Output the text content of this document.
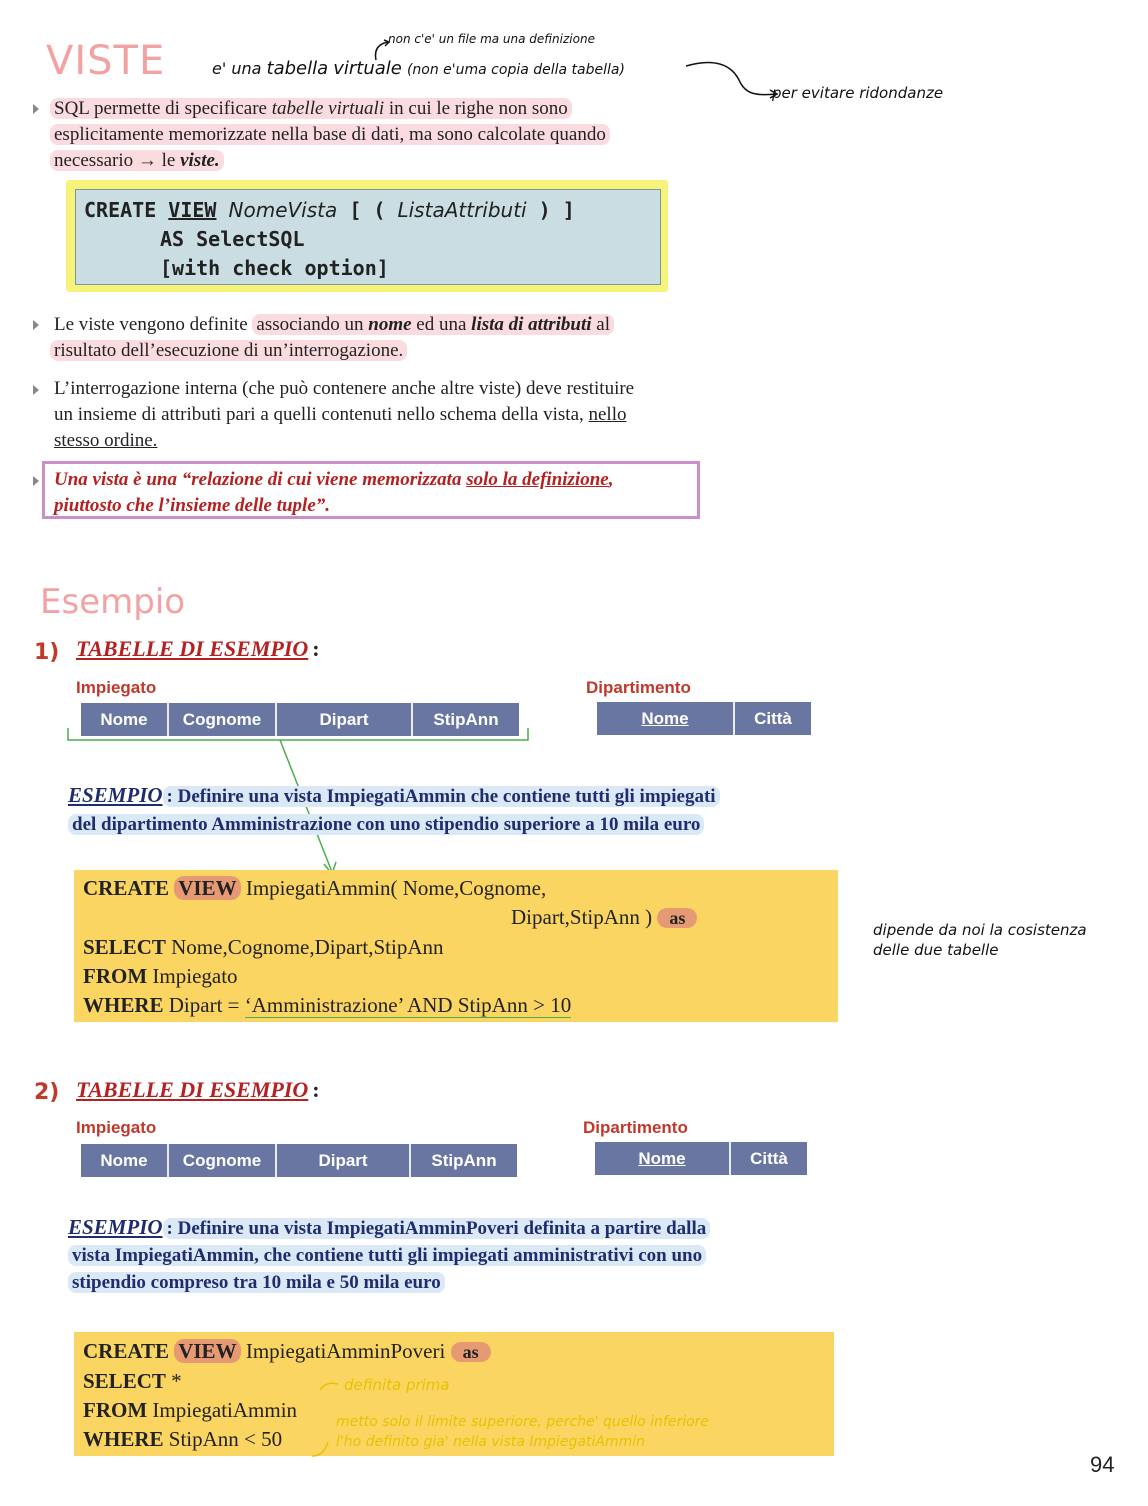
VISTE	non c'e' un file ma una definizione
e' una tabella virtuale (non e'uma copia della tabella)
per evitare ridondanze
SQL permette di specificare tabelle virtuali in cui le righe non sono
esplicitamente memorizzate nella base di dati, ma sono calcolate quando
necessario → le viste.
CREATE VIEW NomeVista [ ( ListaAttributi ) ]
AS SelectSQL
[with check option]
Le viste vengono definite associando un nome ed una lista di attributi al
risultato dell’esecuzione di un’interrogazione.
L’interrogazione interna (che può contenere anche altre viste) deve restituire
un insieme di attributi pari a quelli contenuti nello schema della vista, nello
stesso ordine.
Una vista è una “relazione di cui viene memorizzata solo la definizione,
piuttosto che l’insieme delle tuple”.
Esempio
1) TABELLE DI ESEMPIO :
Impiegato
Nome	Cognome	Dipart	StipAnn
Dipartimento
Nome	Città
ESEMPIO : Definire una vista ImpiegatiAmmin che contiene tutti gli impiegati
del dipartimento Amministrazione con uno stipendio superiore a 10 mila euro
CREATE VIEW ImpiegatiAmmin( Nome,Cognome,
Dipart,StipAnn ) as
SELECT Nome,Cognome,Dipart,StipAnn
FROM Impiegato
WHERE Dipart = ‘Amministrazione’ AND StipAnn > 10
dipende da noi la cosistenza
delle due tabelle
2) TABELLE DI ESEMPIO :
Impiegato
Nome	Cognome	Dipart	StipAnn
Dipartimento
Nome	Città
ESEMPIO : Definire una vista ImpiegatiAmminPoveri definita a partire dalla
vista ImpiegatiAmmin, che contiene tutti gli impiegati amministrativi con uno
stipendio compreso tra 10 mila e 50 mila euro
CREATE VIEW ImpiegatiAmminPoveri as
SELECT *
FROM ImpiegatiAmmin
WHERE StipAnn < 50
definita prima
metto solo il limite superiore, perche' quello inferiore
l'ho definito gia' nella vista ImpiegatiAmmin
94
